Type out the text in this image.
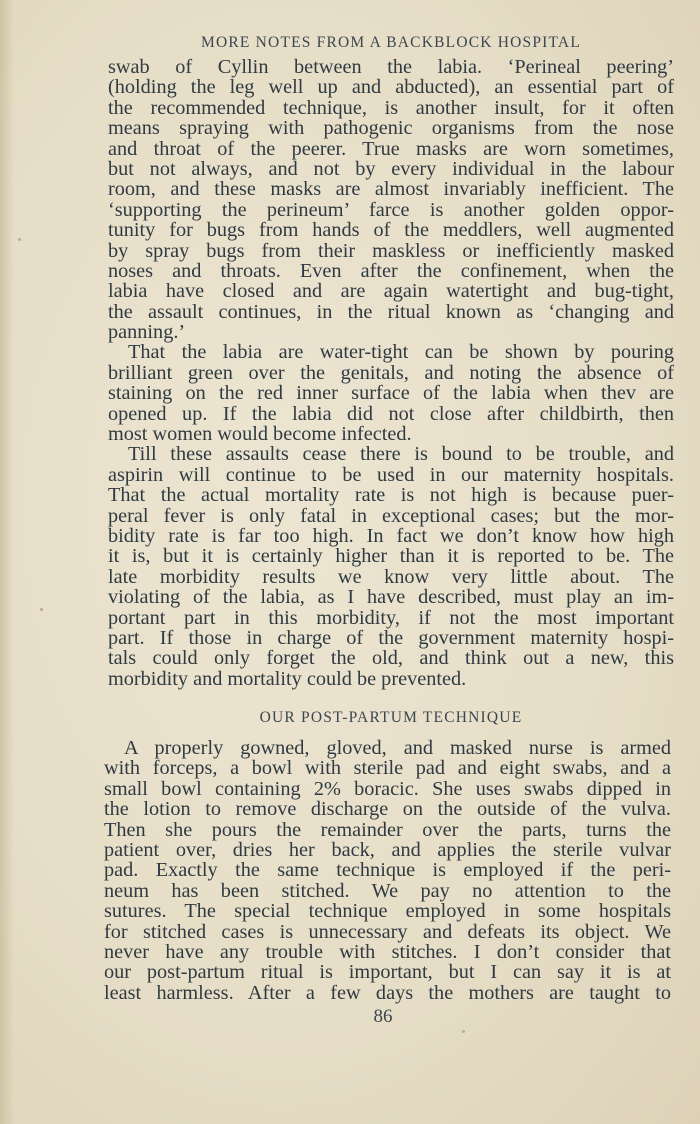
MORE NOTES FROM A BACKBLOCK HOSPITAL
swab of Cyllin between the labia. ‘Perineal peering’
(holding the leg well up and abducted), an essential part of
the recommended technique, is another insult, for it often
means spraying with pathogenic organisms from the nose
and throat of the peerer. True masks are worn sometimes,
but not always, and not by every individual in the labour
room, and these masks are almost invariably inefficient. The
‘supporting the perineum’ farce is another golden oppor-
tunity for bugs from hands of the meddlers, well augmented
by spray bugs from their maskless or inefficiently masked
noses and throats. Even after the confinement, when the
labia have closed and are again watertight and bug-tight,
the assault continues, in the ritual known as ‘changing and
panning.’
That the labia are water-tight can be shown by pouring
brilliant green over the genitals, and noting the absence of
staining on the red inner surface of the labia when thev are
opened up. If the labia did not close after childbirth, then
most women would become infected.
Till these assaults cease there is bound to be trouble, and
aspirin will continue to be used in our maternity hospitals.
That the actual mortality rate is not high is because puer-
peral fever is only fatal in exceptional cases; but the mor-
bidity rate is far too high. In fact we don’t know how high
it is, but it is certainly higher than it is reported to be. The
late morbidity results we know very little about. The
violating of the labia, as I have described, must play an im-
portant part in this morbidity, if not the most important
part. If those in charge of the government maternity hospi-
tals could only forget the old, and think out a new, this
morbidity and mortality could be prevented.
OUR POST-PARTUM TECHNIQUE
A properly gowned, gloved, and masked nurse is armed
with forceps, a bowl with sterile pad and eight swabs, and a
small bowl containing 2% boracic. She uses swabs dipped in
the lotion to remove discharge on the outside of the vulva.
Then she pours the remainder over the parts, turns the
patient over, dries her back, and applies the sterile vulvar
pad. Exactly the same technique is employed if the peri-
neum has been stitched. We pay no attention to the
sutures. The special technique employed in some hospitals
for stitched cases is unnecessary and defeats its object. We
never have any trouble with stitches. I don’t consider that
our post-partum ritual is important, but I can say it is at
least harmless. After a few days the mothers are taught to
86
